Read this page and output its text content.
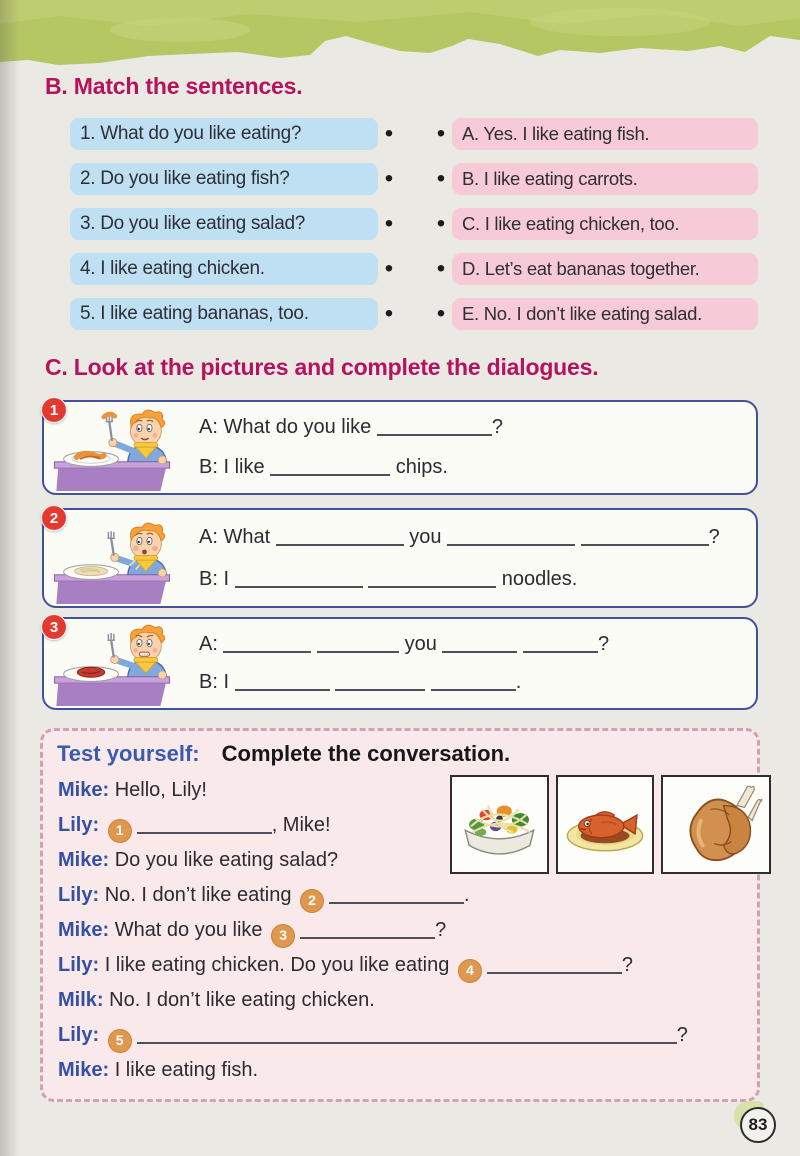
B. Match the sentences.
1. What do you like eating?	• • A. Yes. I like eating fish.
2. Do you like eating fish?	• • B. I like eating carrots.
3. Do you like eating salad?	• • C. I like eating chicken, too.
4. I like eating chicken.	• • D. Let’s eat bananas together.
5. I like eating bananas, too.	• • E. No. I don’t like eating salad.
C. Look at the pictures and complete the dialogues.
1
A: What do you like	?
B: I like	chips.
2
A: What	you	?
B: I	noodles.
3
A:	you	?
B: I	.
Test yourself: Complete the conversation.
Mike: Hello, Lily!
Lily: 1	, Mike!
Mike: Do you like eating salad?
Lily: No. I don’t like eating 2	.
Mike: What do you like 3	?
Lily: I like eating chicken. Do you like eating 4	?
Milk: No. I don’t like eating chicken.
Lily: 5	?
Mike: I like eating fish.
83
